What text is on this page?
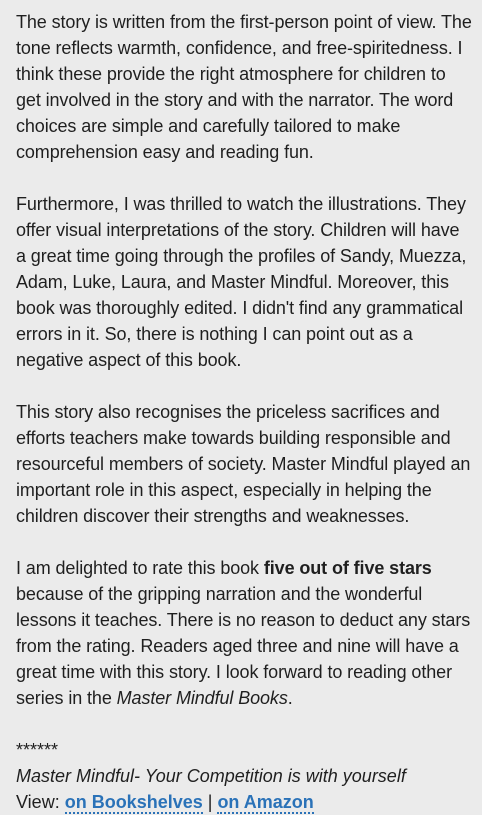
The story is written from the first-person point of view. The tone reflects warmth, confidence, and free-spiritedness. I think these provide the right atmosphere for children to get involved in the story and with the narrator. The word choices are simple and carefully tailored to make comprehension easy and reading fun.

Furthermore, I was thrilled to watch the illustrations. They offer visual interpretations of the story. Children will have a great time going through the profiles of Sandy, Muezza, Adam, Luke, Laura, and Master Mindful. Moreover, this book was thoroughly edited. I didn't find any grammatical errors in it. So, there is nothing I can point out as a negative aspect of this book.

This story also recognises the priceless sacrifices and efforts teachers make towards building responsible and resourceful members of society. Master Mindful played an important role in this aspect, especially in helping the children discover their strengths and weaknesses.

I am delighted to rate this book five out of five stars because of the gripping narration and the wonderful lessons it teaches. There is no reason to deduct any stars from the rating. Readers aged three and nine will have a great time with this story. I look forward to reading other series in the Master Mindful Books.

******
Master Mindful- Your Competition is with yourself
View: on Bookshelves | on Amazon
